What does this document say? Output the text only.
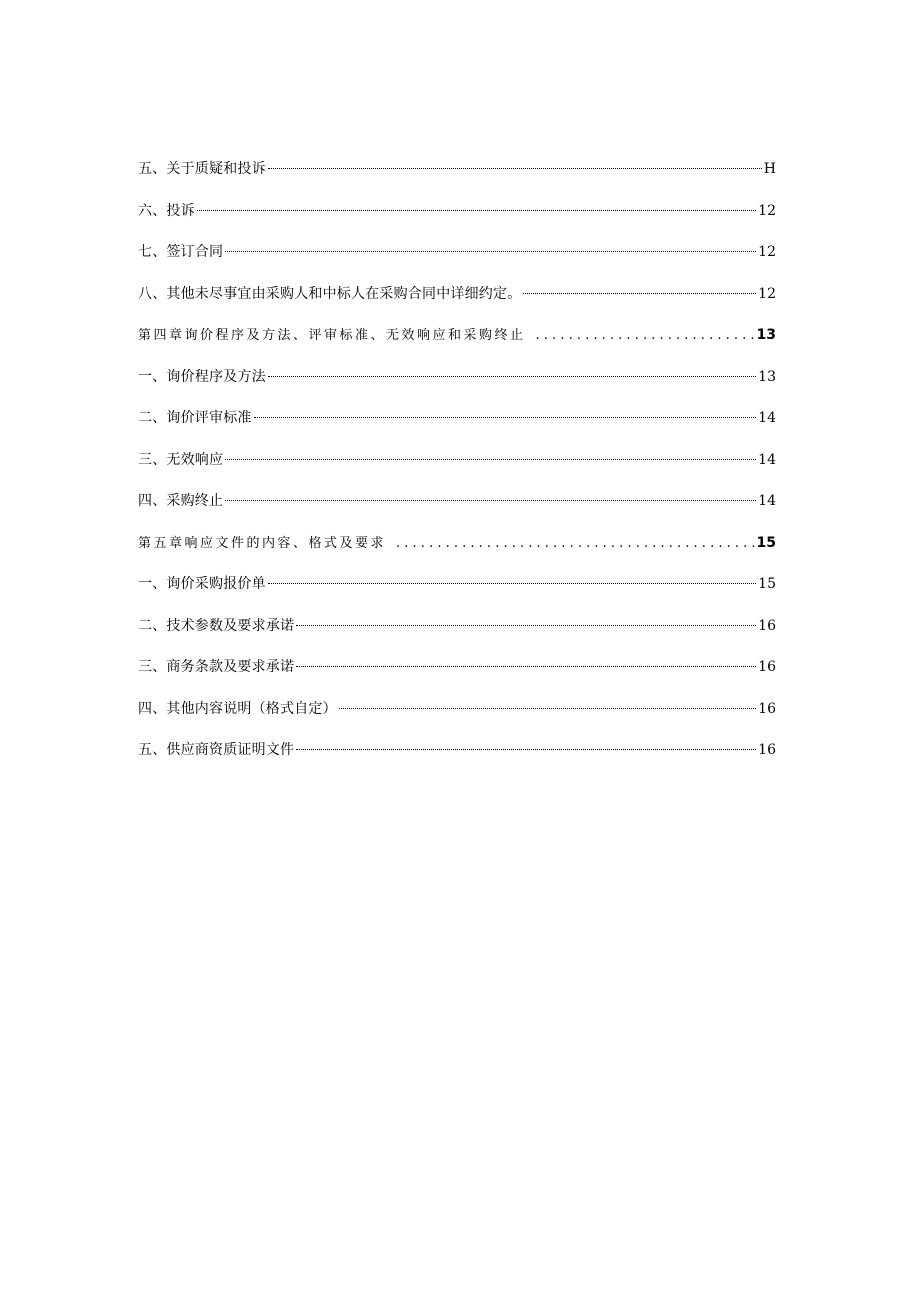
五、关于质疑和投诉	H
六、投诉	12
七、签订合同	12
八、其他未尽事宜由采购人和中标人在采购合同中详细约定。	12
第四章询价程序及方法、评审标准、无效响应和采购终止 . . .	13
一、询价程序及方法	13
二、询价评审标准	14
三、无效响应	14
四、采购终止	14
第五章响应文件的内容、格式及要求 . . .	15
一、询价采购报价单	15
二、技术参数及要求承诺	16
三、商务条款及要求承诺	16
四、其他内容说明（格式自定）	16
五、供应商资质证明文件	16
